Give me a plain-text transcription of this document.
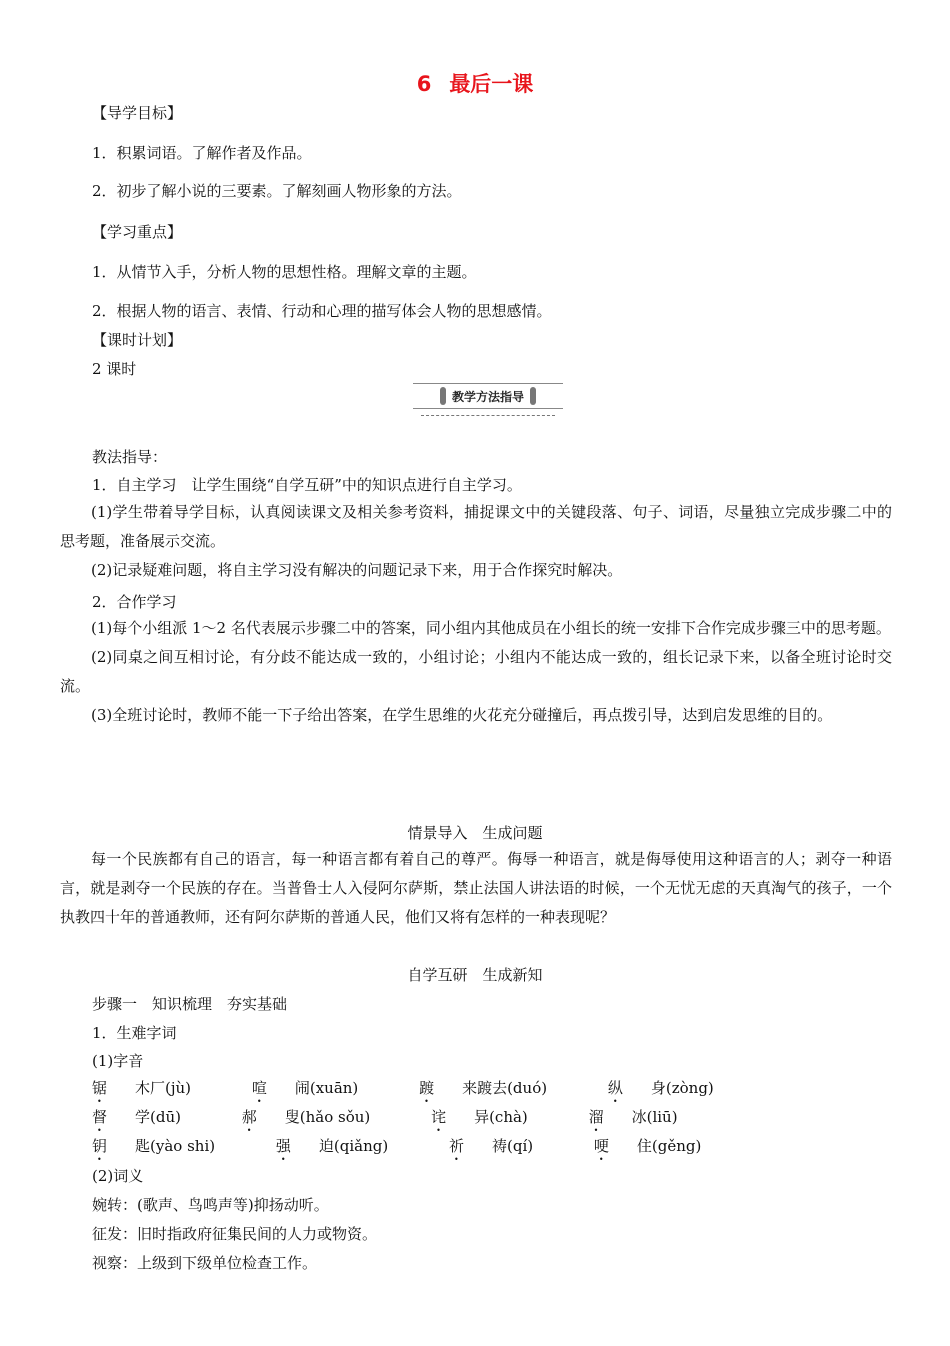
6 最后一课
【导学目标】
1．积累词语。了解作者及作品。
2．初步了解小说的三要素。了解刻画人物形象的方法。
【学习重点】
1．从情节入手，分析人物的思想性格。理解文章的主题。
2．根据人物的语言、表情、行动和心理的描写体会人物的思想感情。
【课时计划】
2 课时
教学方法指导
教法指导：
1．自主学习　让学生围绕“自学互研”中的知识点进行自主学习。

(1)学生带着导学目标，认真阅读课文及相关参考资料，捕捉课文中的关键段落、句子、词语，尽量独立完成步骤二中的思考题，准备展示交流。

(2)记录疑难问题，将自主学习没有解决的问题记录下来，用于合作探究时解决。

2．合作学习

(1)每个小组派 1～2 名代表展示步骤二中的答案，同小组内其他成员在小组长的统一安排下合作完成步骤三中的思考题。

(2)同桌之间互相讨论，有分歧不能达成一致的，小组讨论；小组内不能达成一致的，组长记录下来，以备全班讨论时交流。

(3)全班讨论时，教师不能一下子给出答案，在学生思维的火花充分碰撞后，再点拨引导，达到启发思维的目的。

情景导入　生成问题

每一个民族都有自己的语言，每一种语言都有着自己的尊严。侮辱一种语言，就是侮辱使用这种语言的人；剥夺一种语言，就是剥夺一个民族的存在。当普鲁士人入侵阿尔萨斯，禁止法国人讲法语的时候，一个无忧无虑的天真淘气的孩子，一个执教四十年的普通教师，还有阿尔萨斯的普通人民，他们又将有怎样的一种表现呢？

自学互研　生成新知
步骤一　知识梳理　夯实基础
1．生难字词
(1)字音
锯 木厂(jù)	喧 闹(xuān)	踱 来踱去(duó)	纵 身(zòng)
督 学(dū)	郝 叟(hǎo sǒu)	诧 异(chà)	溜 冰(liū)
钥 匙(yào shi)	强 迫(qiǎng)	祈 祷(qí)	哽 住(gěng)
(2)词义
婉转：(歌声、鸟鸣声等)抑扬动听。
征发：旧时指政府征集民间的人力或物资。
视察：上级到下级单位检查工作。
